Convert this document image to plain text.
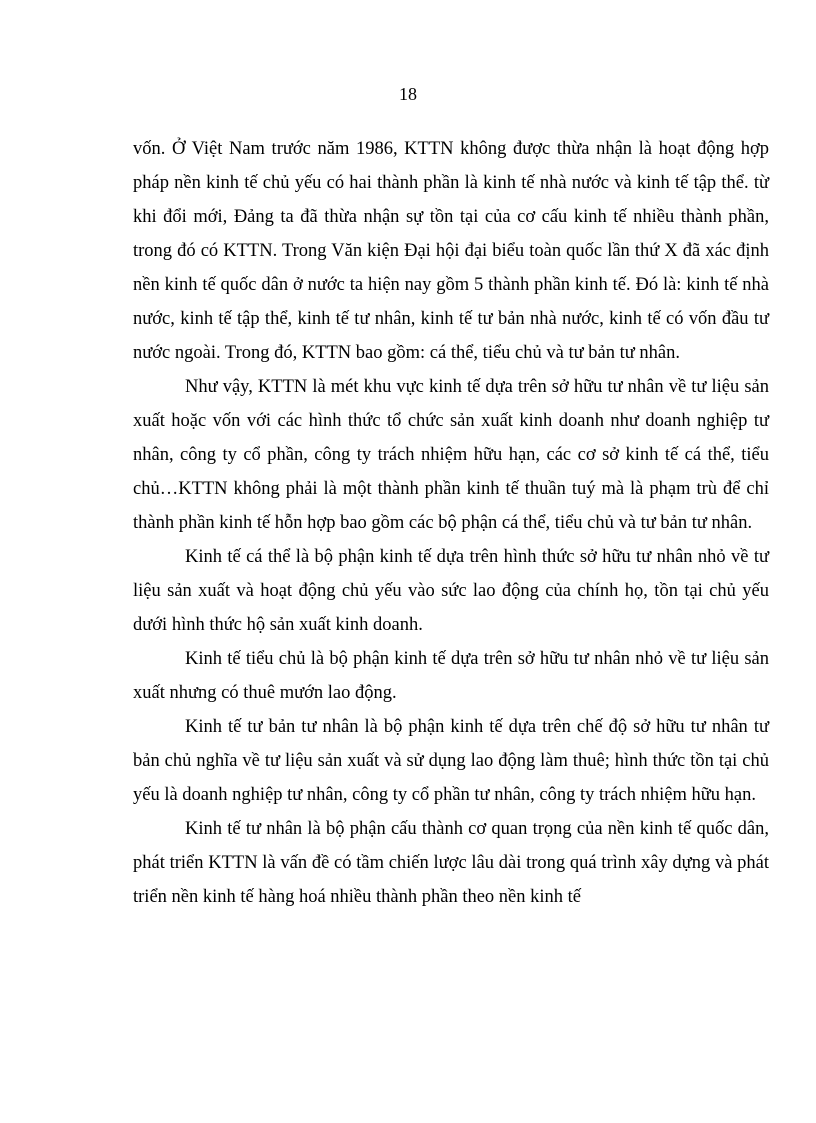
18

vốn. Ở Việt Nam trước năm 1986, KTTN không được thừa nhận là hoạt động hợp pháp nền kinh tế chủ yếu có hai thành phần là kinh tế nhà nước và kinh tế tập thể. từ khi đổi mới, Đảng ta đã thừa nhận sự tồn tại của cơ cấu kinh tế nhiều thành phần, trong đó có KTTN. Trong Văn kiện Đại hội đại biểu toàn quốc lần thứ X đã xác định nền kinh tế quốc dân ở nước ta hiện nay gồm 5 thành phần kinh tế. Đó là: kinh tế nhà nước, kinh tế tập thể, kinh tế tư nhân, kinh tế tư bản nhà nước, kinh tế có vốn đầu tư nước ngoài. Trong đó, KTTN bao gồm: cá thể, tiểu chủ và tư bản tư nhân.

Như vậy, KTTN là mét khu vực kinh tế dựa trên sở hữu tư nhân về tư liệu sản xuất hoặc vốn với các hình thức tổ chức sản xuất kinh doanh như doanh nghiệp tư nhân, công ty cổ phần, công ty trách nhiệm hữu hạn, các cơ sở kinh tế cá thể, tiểu chủ…KTTN không phải là một thành phần kinh tế thuần tuý mà là phạm trù để chỉ thành phần kinh tế hỗn hợp bao gồm các bộ phận cá thể, tiểu chủ và tư bản tư nhân.

Kinh tế cá thể là bộ phận kinh tế dựa trên hình thức sở hữu tư nhân nhỏ về tư liệu sản xuất và hoạt động chủ yếu vào sức lao động của chính họ, tồn tại chủ yếu dưới hình thức hộ sản xuất kinh doanh.

Kinh tế tiểu chủ là bộ phận kinh tế dựa trên sở hữu tư nhân nhỏ về tư liệu sản xuất nhưng có thuê mướn lao động.

Kinh tế tư bản tư nhân là bộ phận kinh tế dựa trên chế độ sở hữu tư nhân tư bản chủ nghĩa về tư liệu sản xuất và sử dụng lao động làm thuê; hình thức tồn tại chủ yếu là doanh nghiệp tư nhân, công ty cổ phần tư nhân, công ty trách nhiệm hữu hạn.

Kinh tế tư nhân là bộ phận cấu thành cơ quan trọng của nền kinh tế quốc dân, phát triển KTTN là vấn đề có tầm chiến lược lâu dài trong quá trình xây dựng và phát triển nền kinh tế hàng hoá nhiều thành phần theo nền kinh tế
